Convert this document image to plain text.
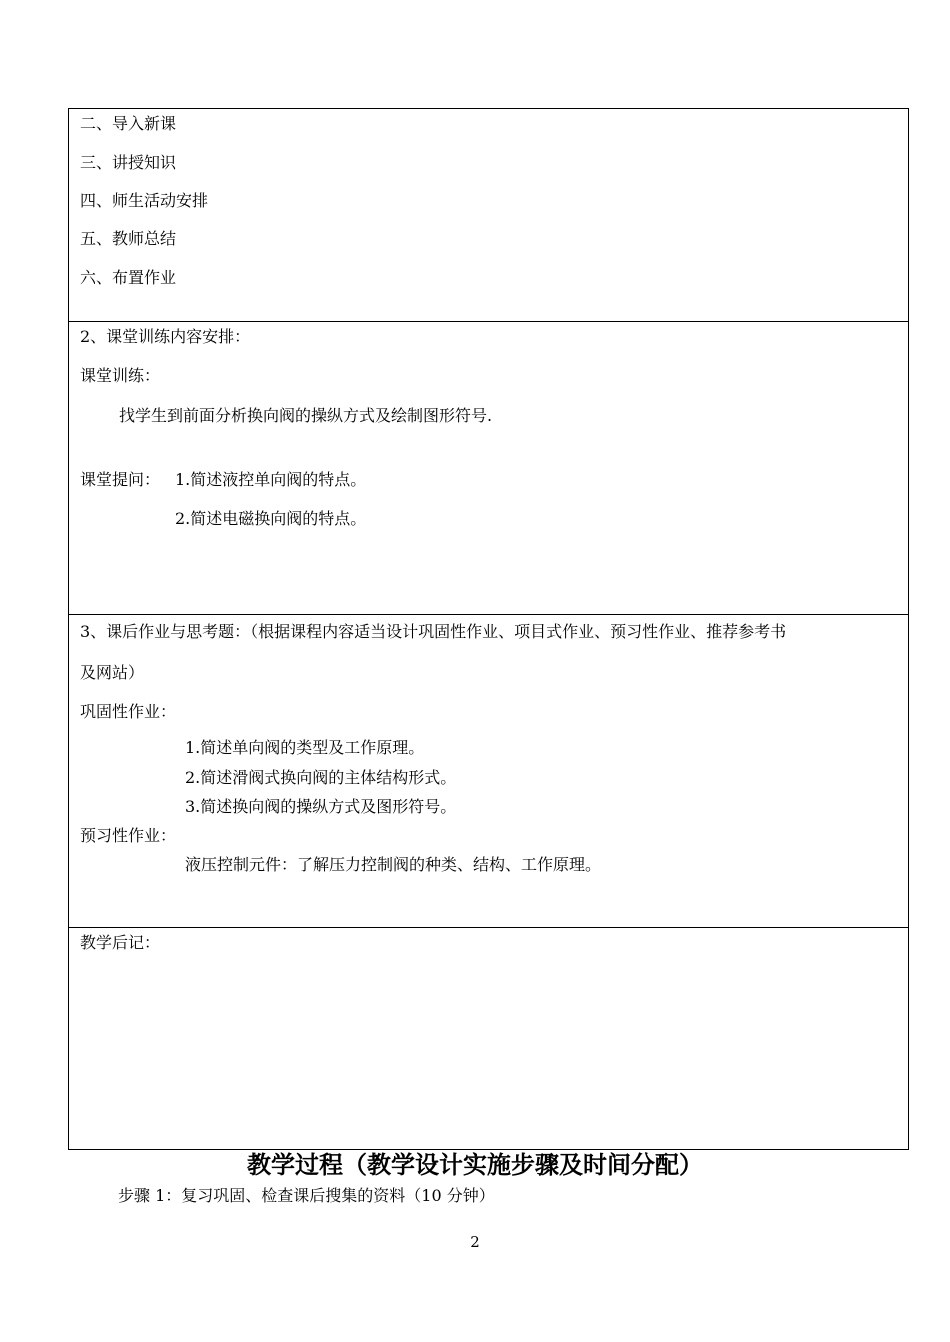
二、导入新课
三、讲授知识
四、师生活动安排
五、教师总结
六、布置作业
2、课堂训练内容安排：
课堂训练：
找学生到前面分析换向阀的操纵方式及绘制图形符号.
课堂提问： 1.简述液控单向阀的特点。
2.简述电磁换向阀的特点。
3、课后作业与思考题：（根据课程内容适当设计巩固性作业、项目式作业、预习性作业、推荐参考书
及网站）
巩固性作业：
1.简述单向阀的类型及工作原理。
2.简述滑阀式换向阀的主体结构形式。
3.简述换向阀的操纵方式及图形符号。
预习性作业：
液压控制元件：了解压力控制阀的种类、结构、工作原理。
教学后记：
教学过程（教学设计实施步骤及时间分配）
步骤 1：复习巩固、检查课后搜集的资料（10 分钟）
2
